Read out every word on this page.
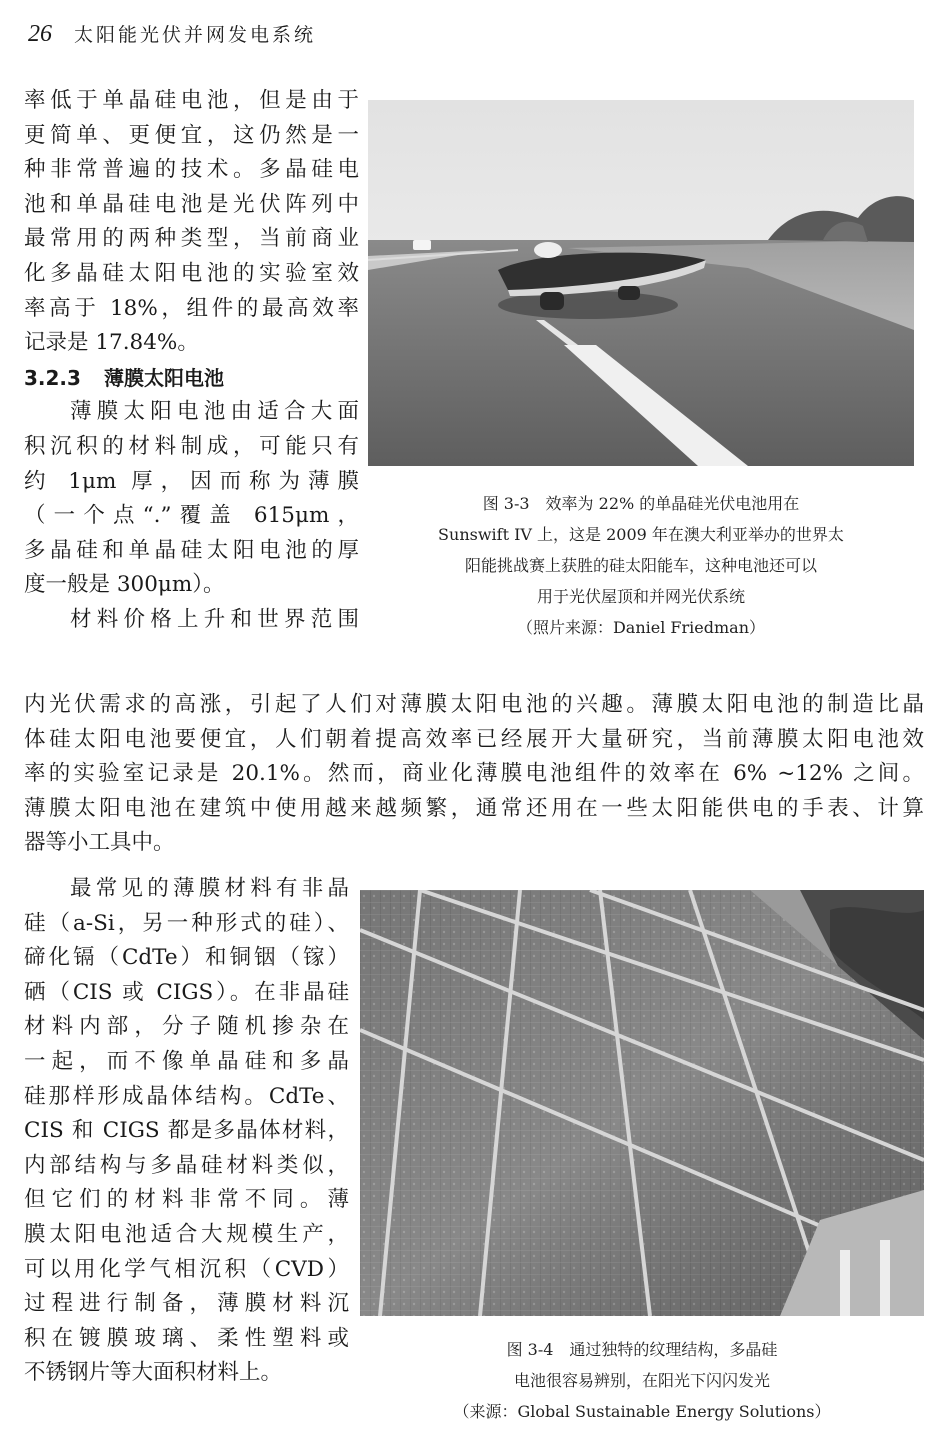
26 太阳能光伏并网发电系统
率低于单晶硅电池，但是由于
更简单、更便宜，这仍然是一
种非常普遍的技术。多晶硅电
池和单晶硅电池是光伏阵列中
最常用的两种类型，当前商业
化多晶硅太阳电池的实验室效
率高于 18%，组件的最高效率
记录是 17.84%。
3.2.3 薄膜太阳电池
薄膜太阳电池由适合大面
积沉积的材料制成，可能只有
约 1μm 厚，因而称为薄膜
（一个点“.”覆盖 615μm，
多晶硅和单晶硅太阳电池的厚
度一般是 300μm）。
材料价格上升和世界范围
图 3-3　效率为 22% 的单晶硅光伏电池用在
Sunswift IV 上，这是 2009 年在澳大利亚举办的世界太
阳能挑战赛上获胜的硅太阳能车，这种电池还可以
用于光伏屋顶和并网光伏系统
（照片来源：Daniel Friedman）
内光伏需求的高涨，引起了人们对薄膜太阳电池的兴趣。薄膜太阳电池的制造比晶
体硅太阳电池要便宜，人们朝着提高效率已经展开大量研究，当前薄膜太阳电池效
率的实验室记录是 20.1%。然而，商业化薄膜电池组件的效率在 6% ~12% 之间。
薄膜太阳电池在建筑中使用越来越频繁，通常还用在一些太阳能供电的手表、计算
器等小工具中。
最常见的薄膜材料有非晶
硅（a-Si，另一种形式的硅）、
碲化镉（CdTe）和铜铟（镓）
硒（CIS 或 CIGS）。在非晶硅
材料内部，分子随机掺杂在
一起，而不像单晶硅和多晶
硅那样形成晶体结构。CdTe、
CIS 和 CIGS 都是多晶体材料，
内部结构与多晶硅材料类似，
但它们的材料非常不同。薄
膜太阳电池适合大规模生产，
可以用化学气相沉积（CVD）
过程进行制备，薄膜材料沉
积在镀膜玻璃、柔性塑料或
不锈钢片等大面积材料上。
图 3-4　通过独特的纹理结构，多晶硅
电池很容易辨别，在阳光下闪闪发光
（来源：Global Sustainable Energy Solutions）
